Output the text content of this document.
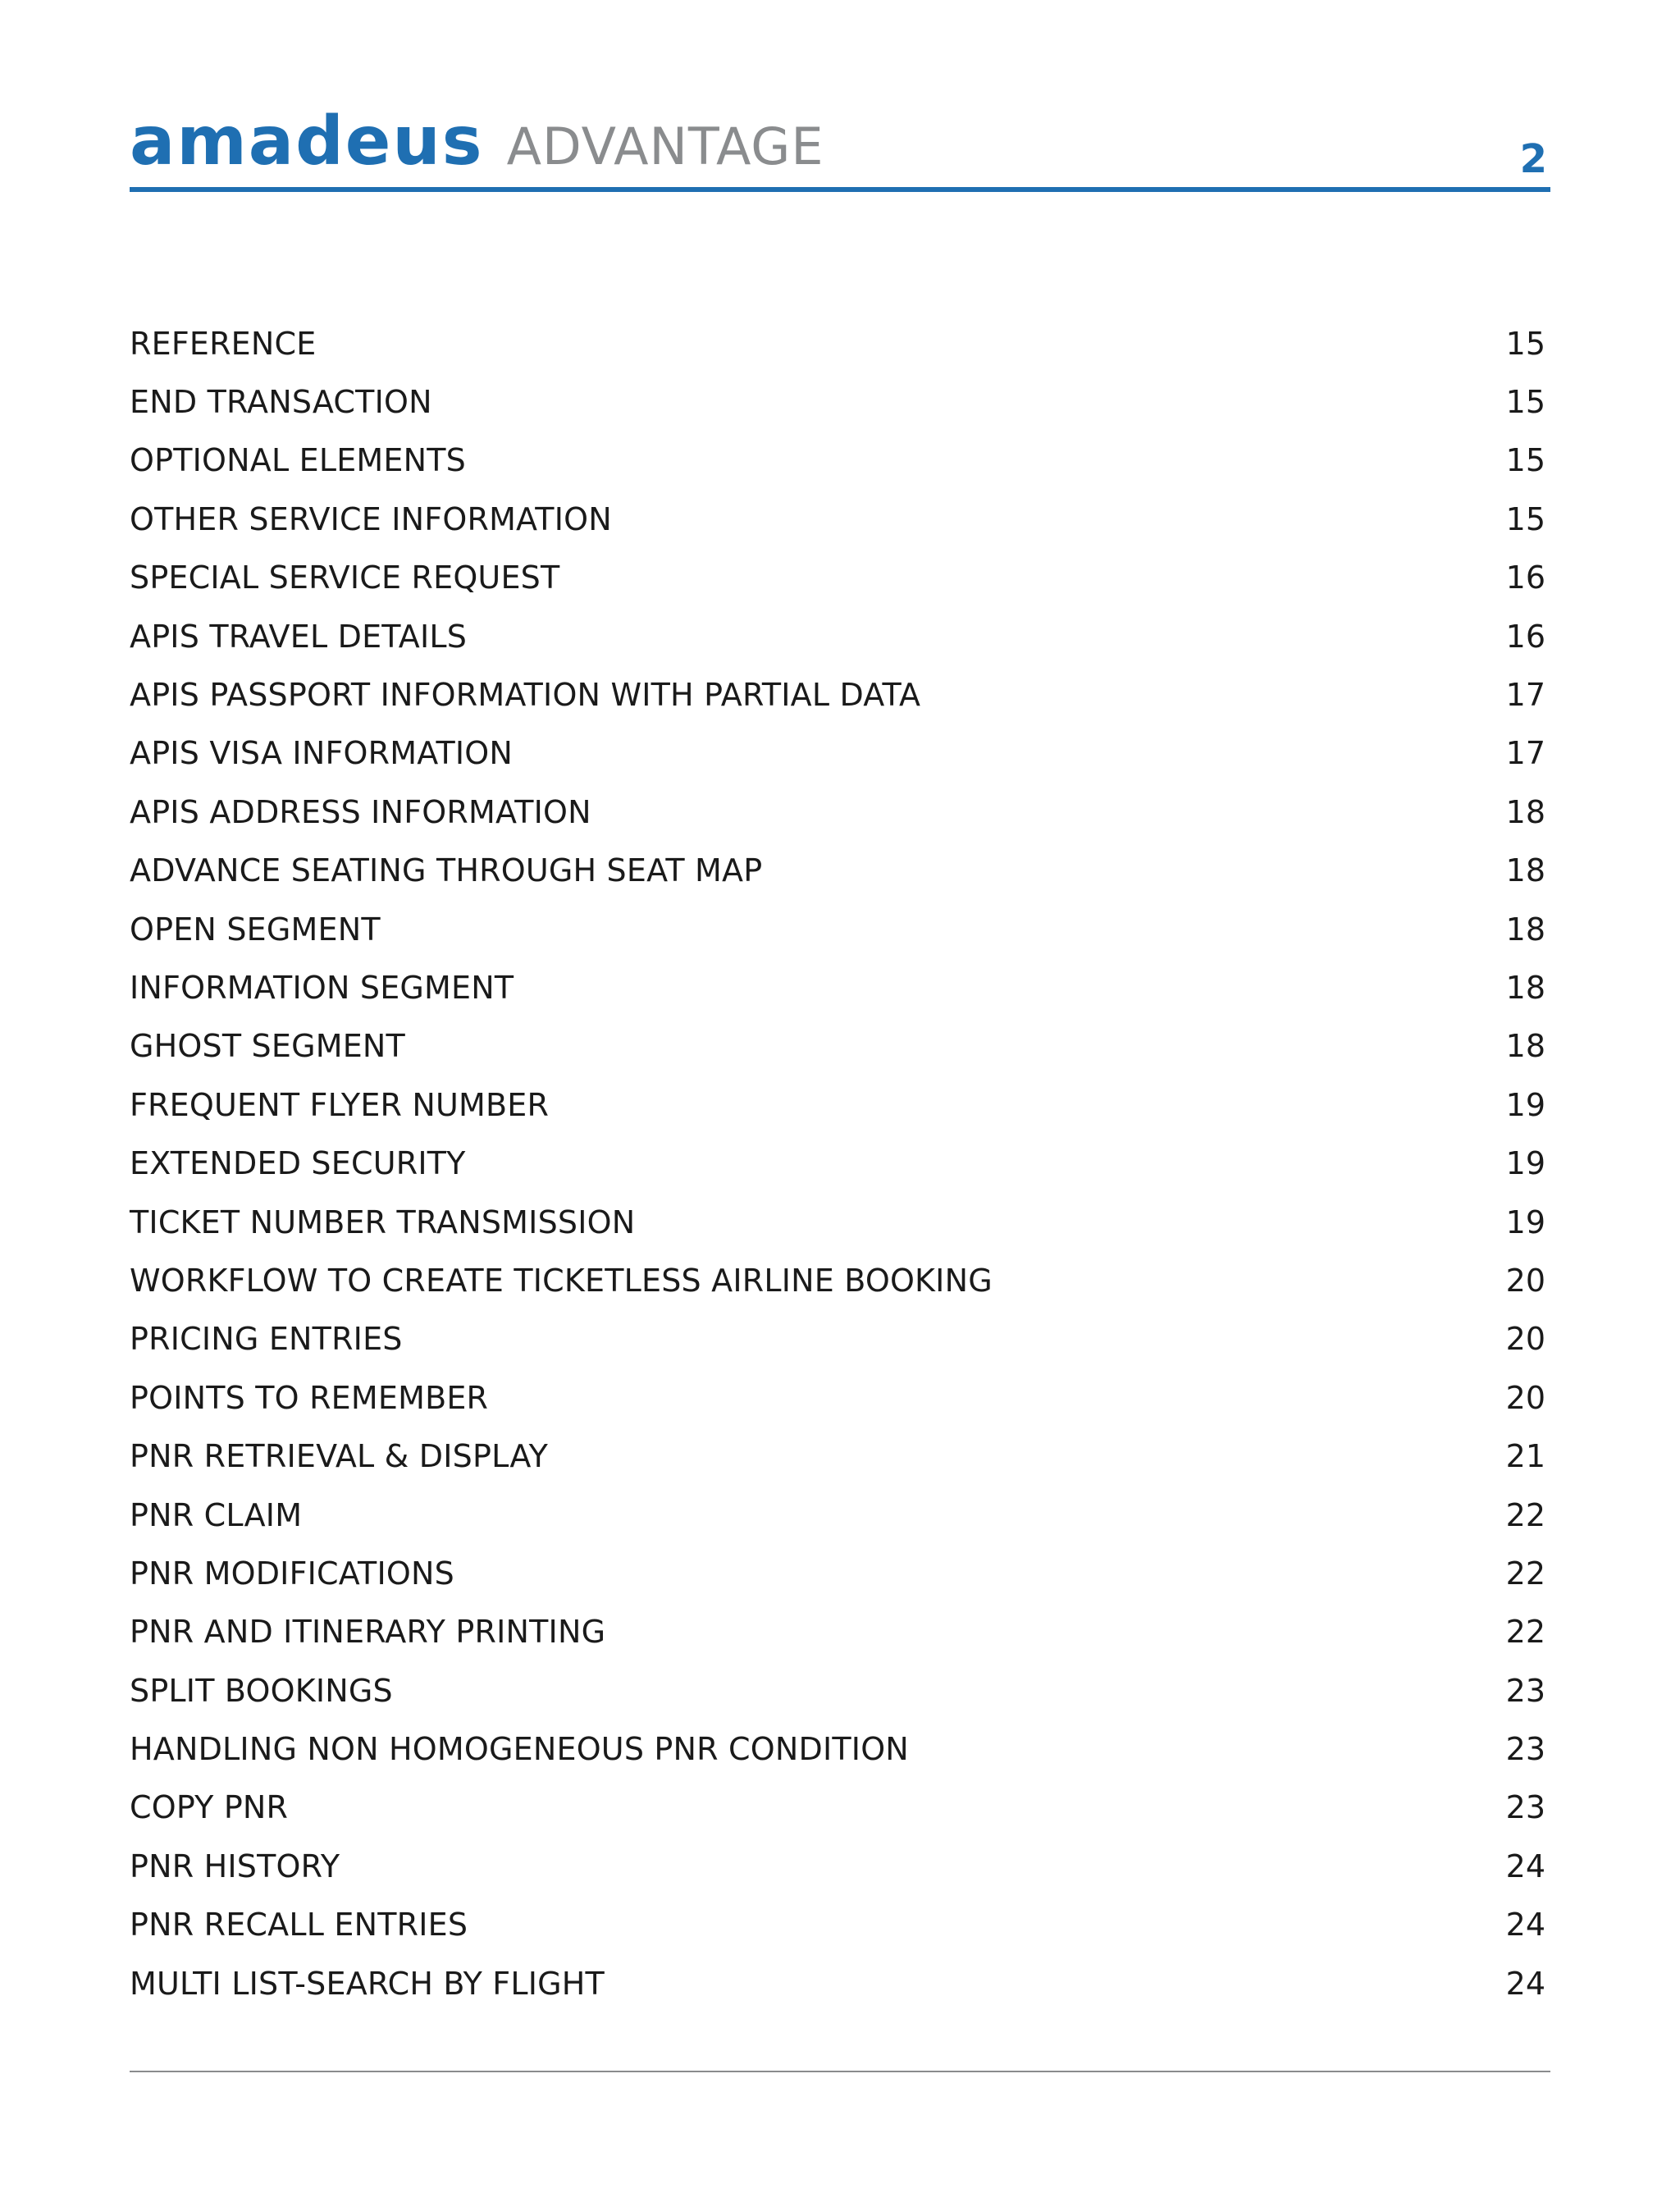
amadeus ADVANTAGE	2
REFERENCE	15
END TRANSACTION	15
OPTIONAL ELEMENTS	15
OTHER SERVICE INFORMATION	15
SPECIAL SERVICE REQUEST	16
APIS TRAVEL DETAILS	16
APIS PASSPORT INFORMATION WITH PARTIAL DATA	17
APIS VISA INFORMATION	17
APIS ADDRESS INFORMATION	18
ADVANCE SEATING THROUGH SEAT MAP	18
OPEN SEGMENT	18
INFORMATION SEGMENT	18
GHOST SEGMENT	18
FREQUENT FLYER NUMBER	19
EXTENDED SECURITY	19
TICKET NUMBER TRANSMISSION	19
WORKFLOW TO CREATE TICKETLESS AIRLINE BOOKING	20
PRICING ENTRIES	20
POINTS TO REMEMBER	20
PNR RETRIEVAL & DISPLAY	21
PNR CLAIM	22
PNR MODIFICATIONS	22
PNR AND ITINERARY PRINTING	22
SPLIT BOOKINGS	23
HANDLING NON HOMOGENEOUS PNR CONDITION	23
COPY PNR	23
PNR HISTORY	24
PNR RECALL ENTRIES	24
MULTI LIST-SEARCH BY FLIGHT	24
